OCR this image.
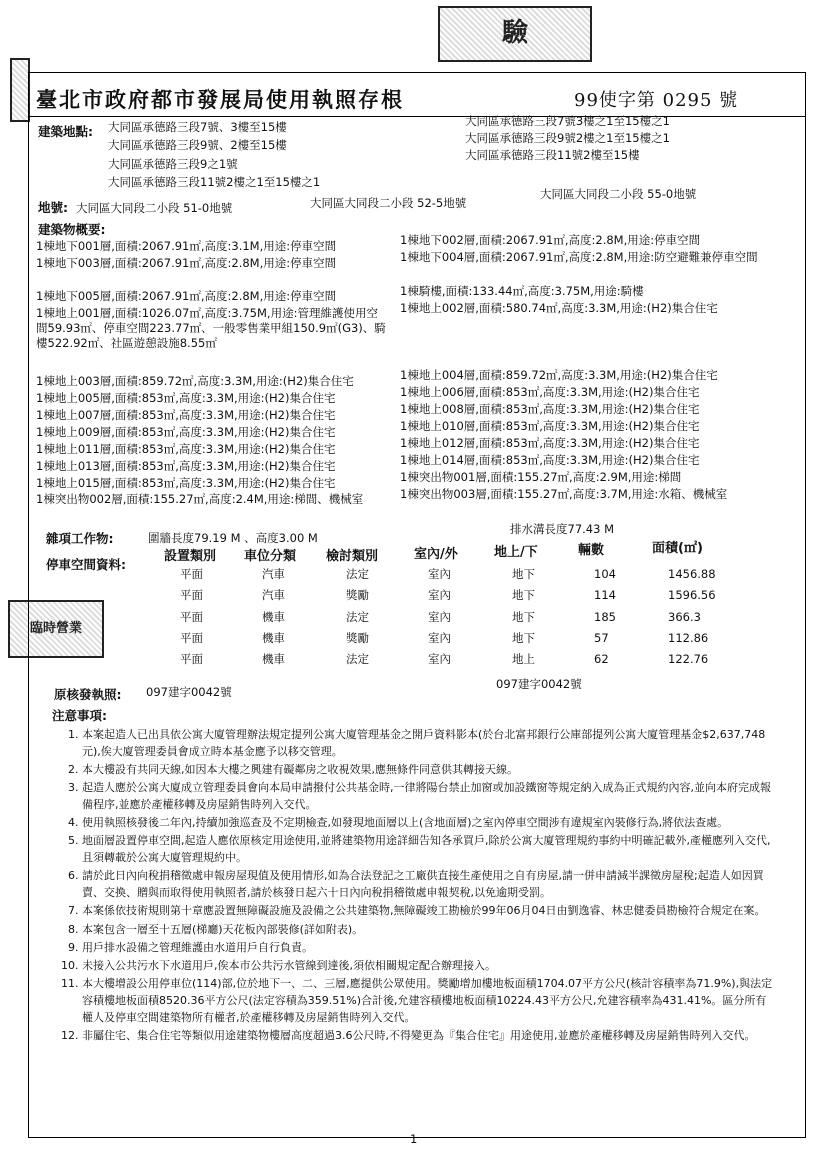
驗
臨時營業
臺北市政府都市發展局使用執照存根	99使字第 0295 號
建築地點: 大同區承德路三段7號、3樓至15樓
大同區承德路三段9號、2樓至15樓
大同區承德路三段9之1號
大同區承德路三段11號2樓之1至15樓之1
大同區承德路三段7號3樓之1至15樓之1
大同區承德路三段9號2樓之1至15樓之1
大同區承德路三段11號2樓至15樓
地號: 大同區大同段二小段 51-0地號	大同區大同段二小段 52-5地號
大同區大同段二小段 55-0地號
建築物概要:
1棟地下001層,面積:2067.91㎡,高度:3.1M,用途:停車空間
1棟地下003層,面積:2067.91㎡,高度:2.8M,用途:停車空間
1棟地下005層,面積:2067.91㎡,高度:2.8M,用途:停車空間
1棟地上001層,面積:1026.07㎡,高度:3.75M,用途:管理維護使用空間59.93㎡、停車空間223.77㎡、一般零售業甲組150.9㎡(G3)、騎樓522.92㎡、社區遊憩設施8.55㎡
1棟地上003層,面積:859.72㎡,高度:3.3M,用途:(H2)集合住宅
1棟地上005層,面積:853㎡,高度:3.3M,用途:(H2)集合住宅
1棟地上007層,面積:853㎡,高度:3.3M,用途:(H2)集合住宅
1棟地上009層,面積:853㎡,高度:3.3M,用途:(H2)集合住宅
1棟地上011層,面積:853㎡,高度:3.3M,用途:(H2)集合住宅
1棟地上013層,面積:853㎡,高度:3.3M,用途:(H2)集合住宅
1棟地上015層,面積:853㎡,高度:3.3M,用途:(H2)集合住宅
1棟突出物002層,面積:155.27㎡,高度:2.4M,用途:梯間、機械室
1棟地下002層,面積:2067.91㎡,高度:2.8M,用途:停車空間
1棟地下004層,面積:2067.91㎡,高度:2.8M,用途:防空避難兼停車空間
1棟騎樓,面積:133.44㎡,高度:3.75M,用途:騎樓
1棟地上002層,面積:580.74㎡,高度:3.3M,用途:(H2)集合住宅
1棟地上004層,面積:859.72㎡,高度:3.3M,用途:(H2)集合住宅
1棟地上006層,面積:853㎡,高度:3.3M,用途:(H2)集合住宅
1棟地上008層,面積:853㎡,高度:3.3M,用途:(H2)集合住宅
1棟地上010層,面積:853㎡,高度:3.3M,用途:(H2)集合住宅
1棟地上012層,面積:853㎡,高度:3.3M,用途:(H2)集合住宅
1棟地上014層,面積:853㎡,高度:3.3M,用途:(H2)集合住宅
1棟突出物001層,面積:155.27㎡,高度:2.9M,用途:梯間
1棟突出物003層,面積:155.27㎡,高度:3.7M,用途:水箱、機械室
排水溝長度77.43 M
雜項工作物:	圍牆長度79.19 M 、高度3.00 M
停車空間資料:
設置類別 車位分類 檢討類別	室內/外	地上/下	輛數	面積(㎡)
平面	汽車	法定	室內	地下	104	1456.88
平面	汽車	獎勵	室內	地下	114	1596.56
平面	機車	法定	室內	地下	185	366.3
平面	機車	獎勵	室內	地下	57	112.86
平面	機車	法定	室內	地上	62	122.76
原核發執照: 097建字0042號
097建字0042號
注意事項:
1. 本案起造人已出具依公寓大廈管理辦法規定提列公寓大廈管理基金之開戶資料影本(於台北富邦銀行公庫部提列公寓大廈管理基金$2,637,748元),俟大廈管理委員會成立時本基金應予以移交管理。
2. 本大樓設有共同天線,如因本大樓之興建有礙鄰房之收視效果,應無條件同意供其轉接天線。
3. 起造人應於公寓大廈成立管理委員會向本局申請撥付公共基金時,一律將陽台禁止加窗或加設鐵窗等規定納入成為正式規約內容,並向本府完成報備程序,並應於產權移轉及房屋銷售時列入交代。
4. 使用執照核發後二年內,持續加強巡查及不定期檢查,如發現地面層以上(含地面層)之室內停車空間涉有違規室內裝修行為,將依法查處。
5. 地面層設置停車空間,起造人應依原核定用途使用,並將建築物用途詳細告知各承買戶,除於公寓大廈管理規約事約中明確記載外,產權應列入交代,且須轉載於公寓大廈管理規約中。
6. 請於此日內向稅捐稽徵處申報房屋現值及使用情形,如為合法登記之工廠供直接生產使用之自有房屋,請一併申請減半課徵房屋稅;起造人如因買賣、交換、贈與而取得使用執照者,請於核發日起六十日內向稅捐稽徵處申報契稅,以免逾期受罰。
7. 本案係依技術規則第十章應設置無障礙設施及設備之公共建築物,無障礙竣工勘檢於99年06月04日由劉逸睿、林忠健委員勘檢符合規定在案。
8. 本案包含一層至十五層(梯廳)天花板內部裝修(詳如附表)。
9. 用戶排水設備之管理維護由水道用戶自行負責。
10. 未接入公共污水下水道用戶,俟本市公共污水管線到達後,須依相關規定配合辦理接入。
11. 本大樓增設公用停車位(114)部,位於地下一、二、三層,應提供公眾使用。獎勵增加樓地板面積1704.07平方公尺(核計容積率為71.9%),與法定容積樓地板面積8520.36平方公尺(法定容積為359.51%)合計後,允建容積樓地板面積10224.43平方公尺,允建容積率為431.41%。區分所有權人及停車空間建築物所有權者,於產權移轉及房屋銷售時列入交代。
12. 非屬住宅、集合住宅等類似用途建築物樓層高度超過3.6公尺時,不得變更為『集合住宅』用途使用,並應於產權移轉及房屋銷售時列入交代。
1
